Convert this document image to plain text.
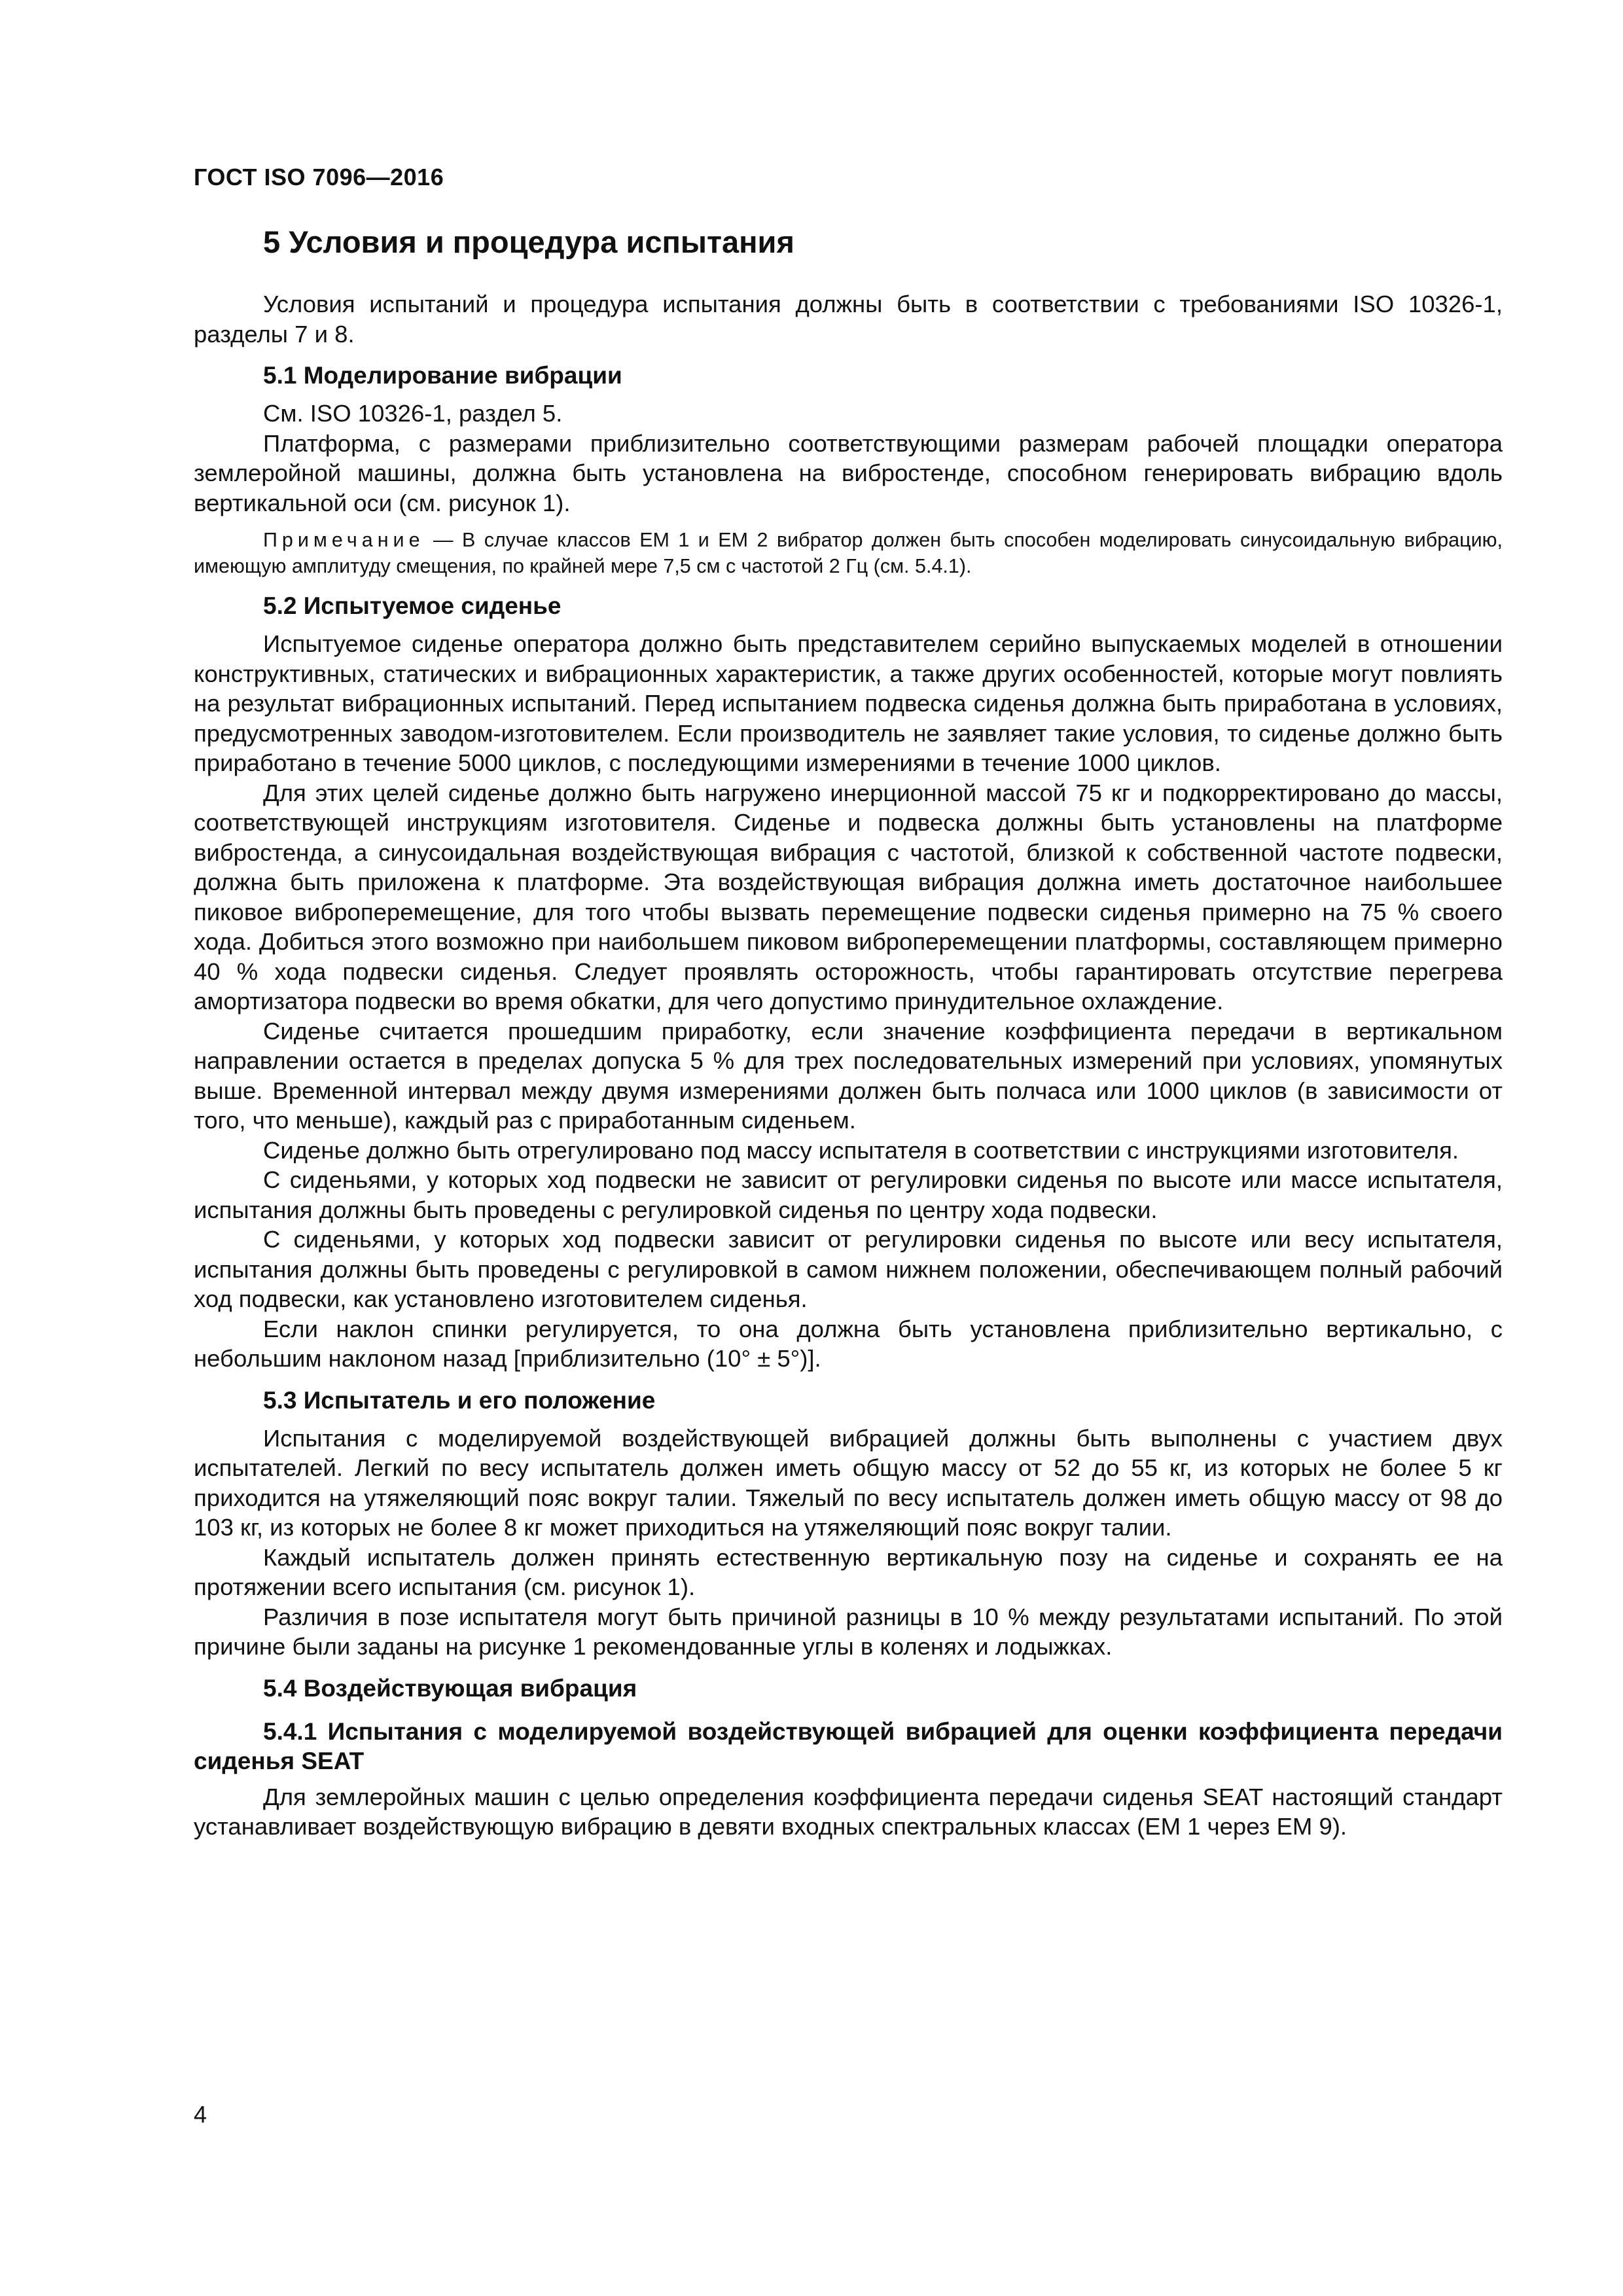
ГОСТ ISO 7096—2016
5 Условия и процедура испытания

Условия испытаний и процедура испытания должны быть в соответствии с требованиями ISO 10326-1, разделы 7 и 8.

5.1 Моделирование вибрации

См. ISO 10326-1, раздел 5.

Платформа, с размерами приблизительно соответствующими размерам рабочей площадки оператора землеройной машины, должна быть установлена на вибростенде, способном генерировать вибрацию вдоль вертикальной оси (см. рисунок 1).

Примечание — В случае классов ЕМ 1 и ЕМ 2 вибратор должен быть способен моделировать синусоидальную вибрацию, имеющую амплитуду смещения, по крайней мере 7,5 см с частотой 2 Гц (см. 5.4.1).

5.2 Испытуемое сиденье

Испытуемое сиденье оператора должно быть представителем серийно выпускаемых моделей в отношении конструктивных, статических и вибрационных характеристик, а также других особенностей, которые могут повлиять на результат вибрационных испытаний. Перед испытанием подвеска сиденья должна быть приработана в условиях, предусмотренных заводом-изготовителем. Если производитель не заявляет такие условия, то сиденье должно быть приработано в течение 5000 циклов, с последующими измерениями в течение 1000 циклов.

Для этих целей сиденье должно быть нагружено инерционной массой 75 кг и подкорректировано до массы, соответствующей инструкциям изготовителя. Сиденье и подвеска должны быть установлены на платформе вибростенда, а синусоидальная воздействующая вибрация с частотой, близкой к собственной частоте подвески, должна быть приложена к платформе. Эта воздействующая вибрация должна иметь достаточное наибольшее пиковое виброперемещение, для того чтобы вызвать перемещение подвески сиденья примерно на 75 % своего хода. Добиться этого возможно при наибольшем пиковом виброперемещении платформы, составляющем примерно 40 % хода подвески сиденья. Следует проявлять осторожность, чтобы гарантировать отсутствие перегрева амортизатора подвески во время обкатки, для чего допустимо принудительное охлаждение.

Сиденье считается прошедшим приработку, если значение коэффициента передачи в вертикальном направлении остается в пределах допуска 5 % для трех последовательных измерений при условиях, упомянутых выше. Временной интервал между двумя измерениями должен быть полчаса или 1000 циклов (в зависимости от того, что меньше), каждый раз с приработанным сиденьем.

Сиденье должно быть отрегулировано под массу испытателя в соответствии с инструкциями изготовителя.

С сиденьями, у которых ход подвески не зависит от регулировки сиденья по высоте или массе испытателя, испытания должны быть проведены с регулировкой сиденья по центру хода подвески.

С сиденьями, у которых ход подвески зависит от регулировки сиденья по высоте или весу испытателя, испытания должны быть проведены с регулировкой в самом нижнем положении, обеспечивающем полный рабочий ход подвески, как установлено изготовителем сиденья.

Если наклон спинки регулируется, то она должна быть установлена приблизительно вертикально, с небольшим наклоном назад [приблизительно (10° ± 5°)].

5.3 Испытатель и его положение

Испытания с моделируемой воздействующей вибрацией должны быть выполнены с участием двух испытателей. Легкий по весу испытатель должен иметь общую массу от 52 до 55 кг, из которых не более 5 кг приходится на утяжеляющий пояс вокруг талии. Тяжелый по весу испытатель должен иметь общую массу от 98 до 103 кг, из которых не более 8 кг может приходиться на утяжеляющий пояс вокруг талии.

Каждый испытатель должен принять естественную вертикальную позу на сиденье и сохранять ее на протяжении всего испытания (см. рисунок 1).

Различия в позе испытателя могут быть причиной разницы в 10 % между результатами испытаний. По этой причине были заданы на рисунке 1 рекомендованные углы в коленях и лодыжках.

5.4 Воздействующая вибрация
5.4.1 Испытания с моделируемой воздействующей вибрацией для оценки коэффициента передачи сиденья SEAT

Для землеройных машин с целью определения коэффициента передачи сиденья SEAT настоящий стандарт устанавливает воздействующую вибрацию в девяти входных спектральных классах (ЕМ 1 через ЕМ 9).

4
